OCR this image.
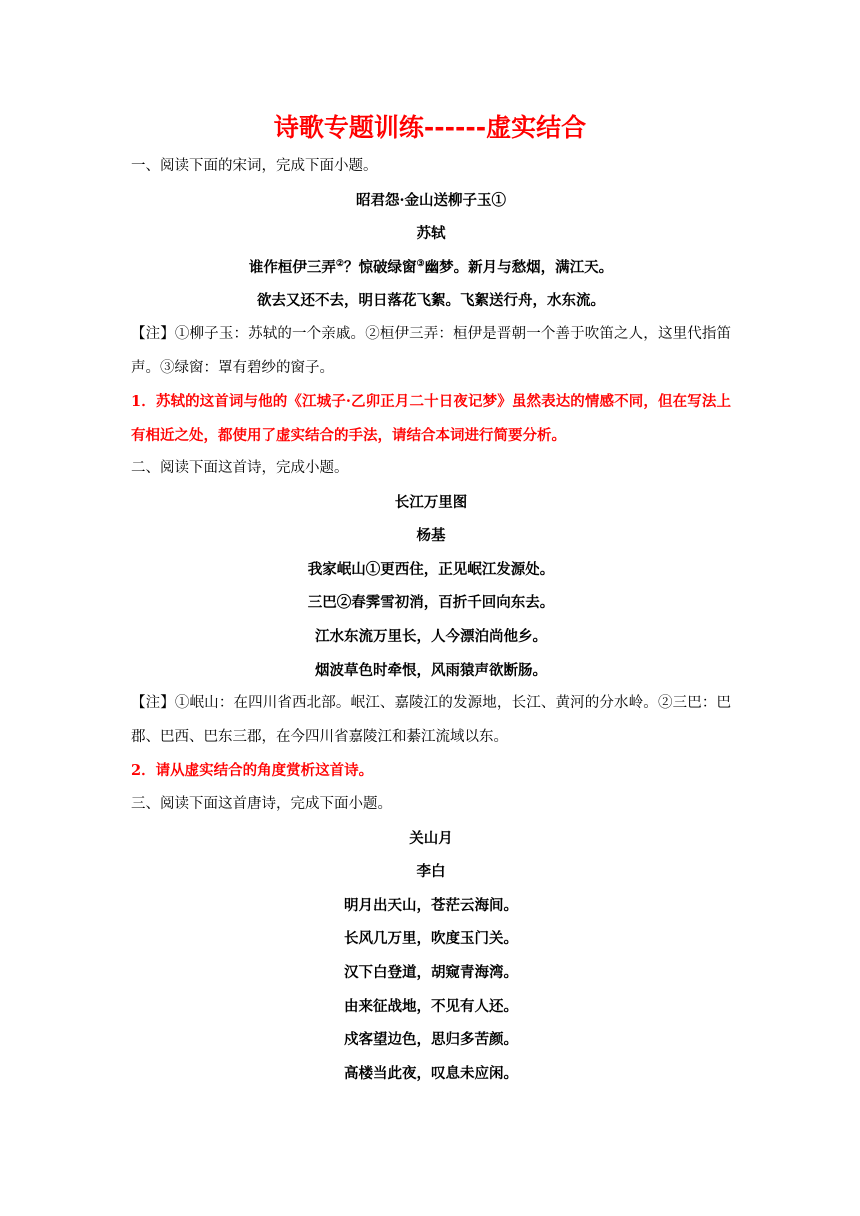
诗歌专题训练------虚实结合

一、阅读下面的宋词，完成下面小题。

昭君怨·金山送柳子玉①

苏轼

谁作桓伊三弄②？惊破绿窗③幽梦。新月与愁烟，满江天。

欲去又还不去，明日落花飞絮。飞絮送行舟，水东流。

【注】①柳子玉：苏轼的一个亲戚。②桓伊三弄：桓伊是晋朝一个善于吹笛之人，这里代指笛声。③绿窗：罩有碧纱的窗子。

1．苏轼的这首词与他的《江城子·乙卯正月二十日夜记梦》虽然表达的情感不同，但在写法上有相近之处，都使用了虚实结合的手法，请结合本词进行简要分析。

二、阅读下面这首诗，完成小题。

长江万里图

杨基

我家岷山①更西住，正见岷江发源处。

三巴②春霁雪初消，百折千回向东去。

江水东流万里长，人今漂泊尚他乡。

烟波草色时牵恨，风雨猿声欲断肠。

【注】①岷山：在四川省西北部。岷江、嘉陵江的发源地，长江、黄河的分水岭。②三巴：巴郡、巴西、巴东三郡，在今四川省嘉陵江和綦江流域以东。

2．请从虚实结合的角度赏析这首诗。

三、阅读下面这首唐诗，完成下面小题。

关山月

李白

明月出天山，苍茫云海间。

长风几万里，吹度玉门关。

汉下白登道，胡窥青海湾。

由来征战地，不见有人还。

戍客望边色，思归多苦颜。

高楼当此夜，叹息未应闲。
